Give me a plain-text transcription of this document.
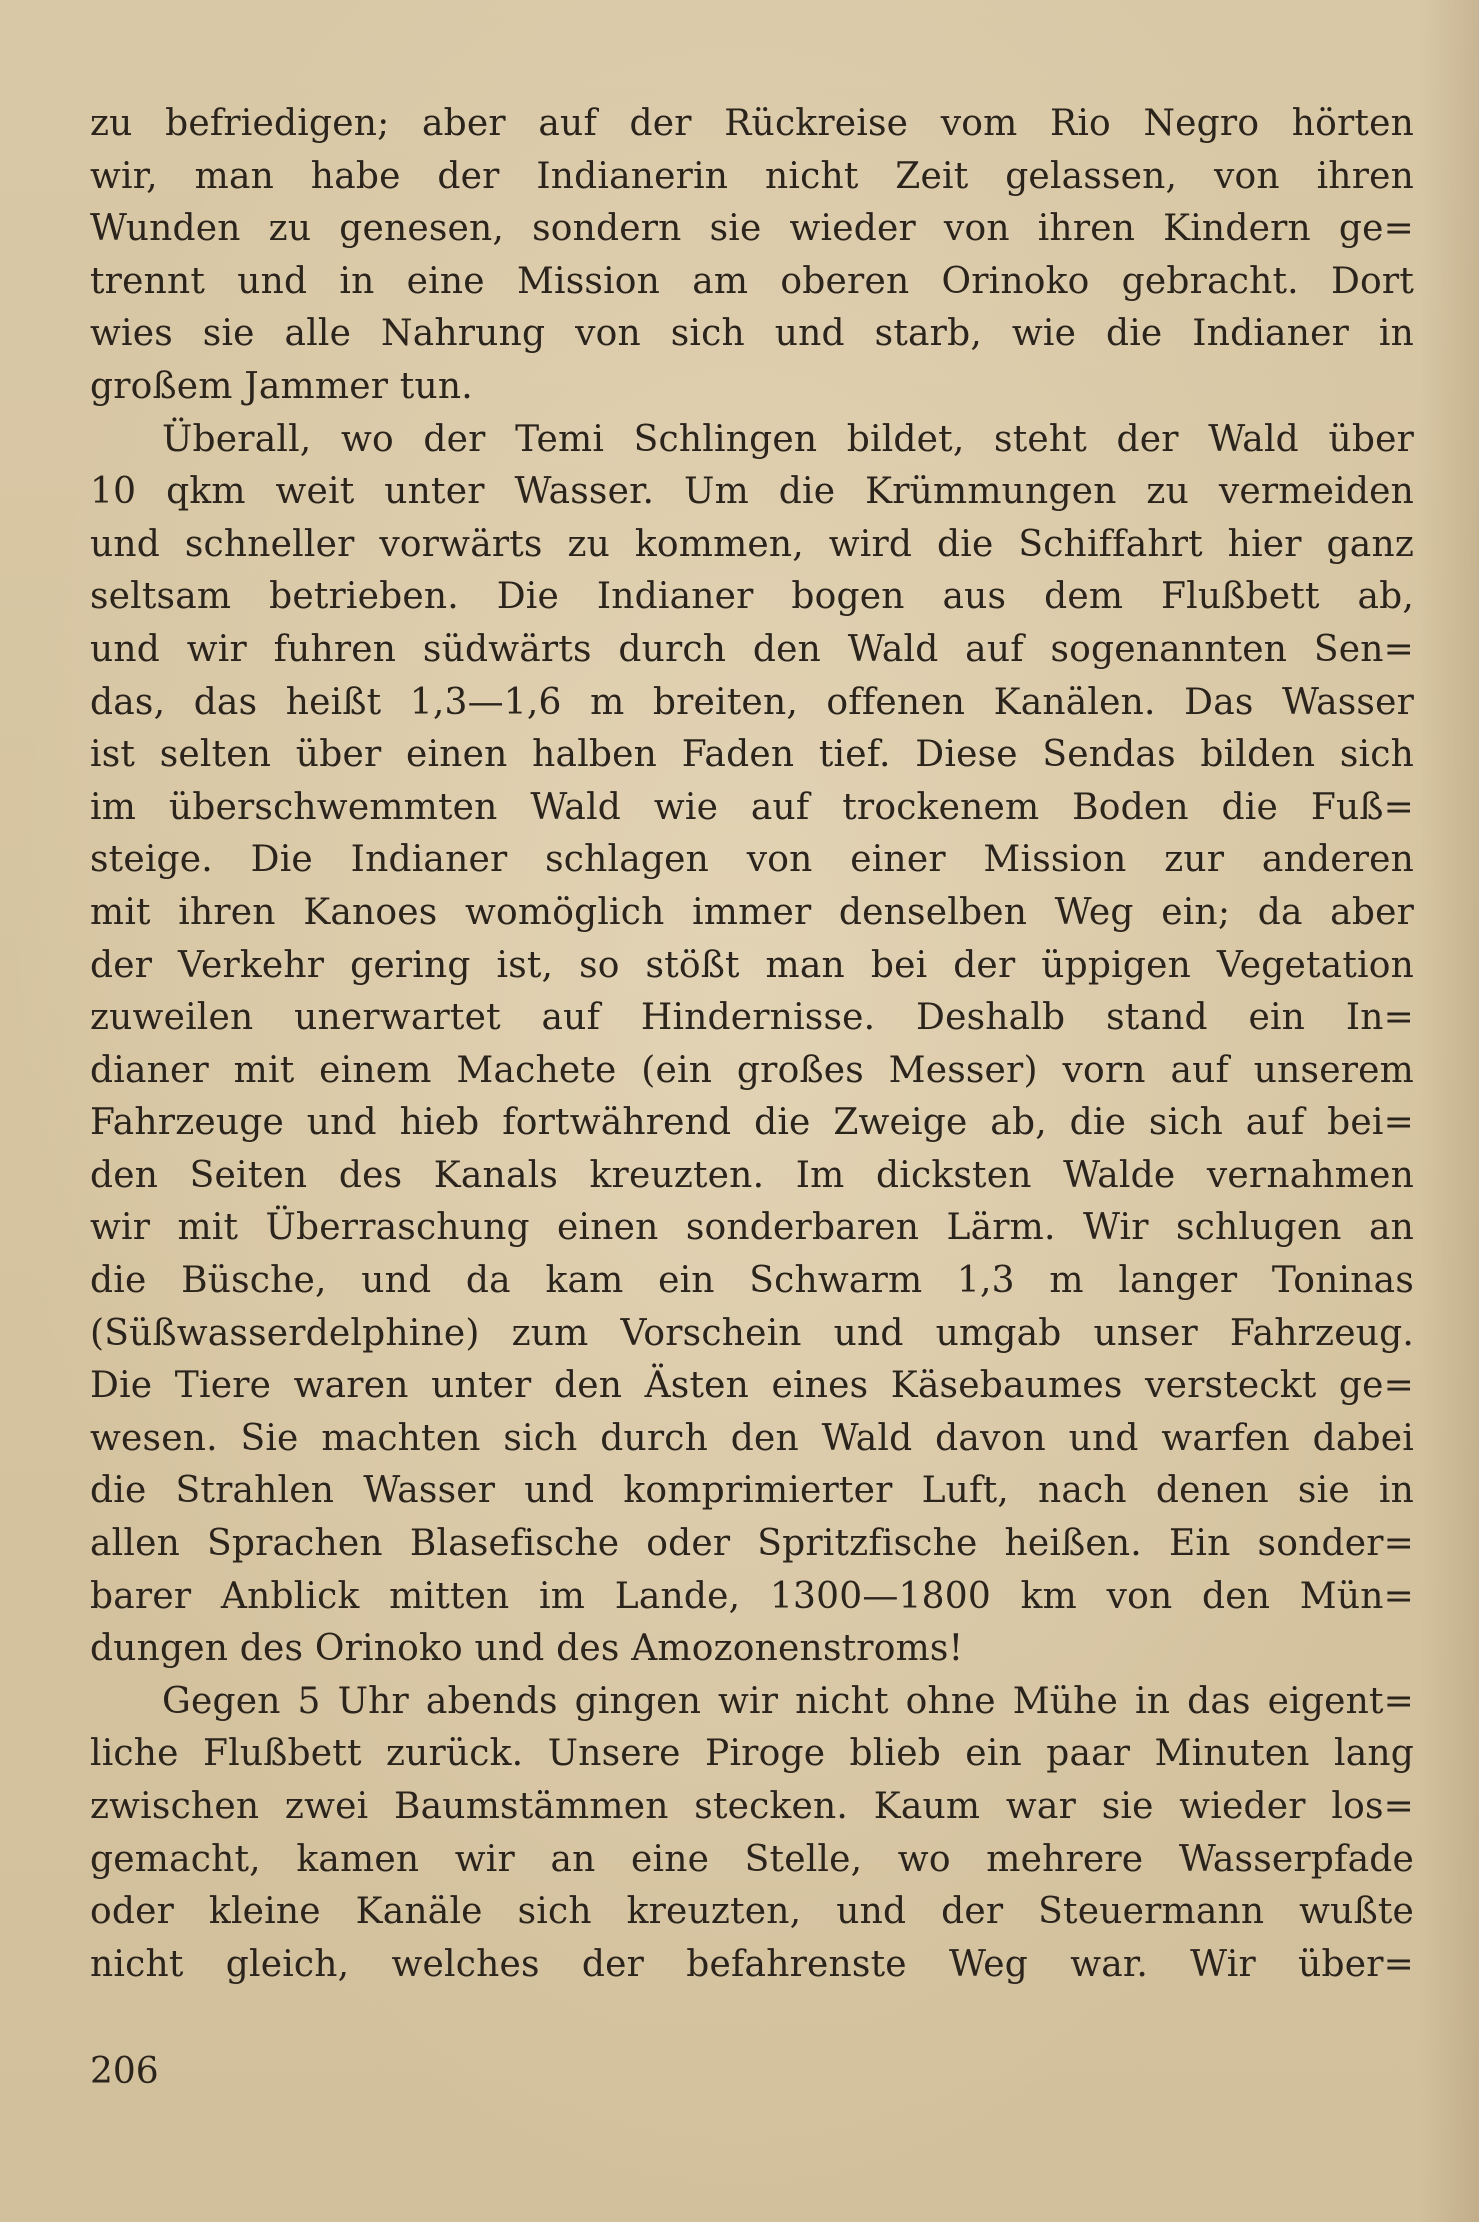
zu befriedigen; aber auf der Rückreise vom Rio Negro hörten
wir, man habe der Indianerin nicht Zeit gelassen, von ihren
Wunden zu genesen, sondern sie wieder von ihren Kindern ge=
trennt und in eine Mission am oberen Orinoko gebracht. Dort
wies sie alle Nahrung von sich und starb, wie die Indianer in
großem Jammer tun.
Überall, wo der Temi Schlingen bildet, steht der Wald über
10 qkm weit unter Wasser. Um die Krümmungen zu vermeiden
und schneller vorwärts zu kommen, wird die Schiffahrt hier ganz
seltsam betrieben. Die Indianer bogen aus dem Flußbett ab,
und wir fuhren südwärts durch den Wald auf sogenannten Sen=
das, das heißt 1,3—1,6 m breiten, offenen Kanälen. Das Wasser
ist selten über einen halben Faden tief. Diese Sendas bilden sich
im überschwemmten Wald wie auf trockenem Boden die Fuß=
steige. Die Indianer schlagen von einer Mission zur anderen
mit ihren Kanoes womöglich immer denselben Weg ein; da aber
der Verkehr gering ist, so stößt man bei der üppigen Vegetation
zuweilen unerwartet auf Hindernisse. Deshalb stand ein In=
dianer mit einem Machete (ein großes Messer) vorn auf unserem
Fahrzeuge und hieb fortwährend die Zweige ab, die sich auf bei=
den Seiten des Kanals kreuzten. Im dicksten Walde vernahmen
wir mit Überraschung einen sonderbaren Lärm. Wir schlugen an
die Büsche, und da kam ein Schwarm 1,3 m langer Toninas
(Süßwasserdelphine) zum Vorschein und umgab unser Fahrzeug.
Die Tiere waren unter den Ästen eines Käsebaumes versteckt ge=
wesen. Sie machten sich durch den Wald davon und warfen dabei
die Strahlen Wasser und komprimierter Luft, nach denen sie in
allen Sprachen Blasefische oder Spritzfische heißen. Ein sonder=
barer Anblick mitten im Lande, 1300—1800 km von den Mün=
dungen des Orinoko und des Amozonenstroms!
Gegen 5 Uhr abends gingen wir nicht ohne Mühe in das eigent=
liche Flußbett zurück. Unsere Piroge blieb ein paar Minuten lang
zwischen zwei Baumstämmen stecken. Kaum war sie wieder los=
gemacht, kamen wir an eine Stelle, wo mehrere Wasserpfade
oder kleine Kanäle sich kreuzten, und der Steuermann wußte
nicht gleich, welches der befahrenste Weg war. Wir über=
206
